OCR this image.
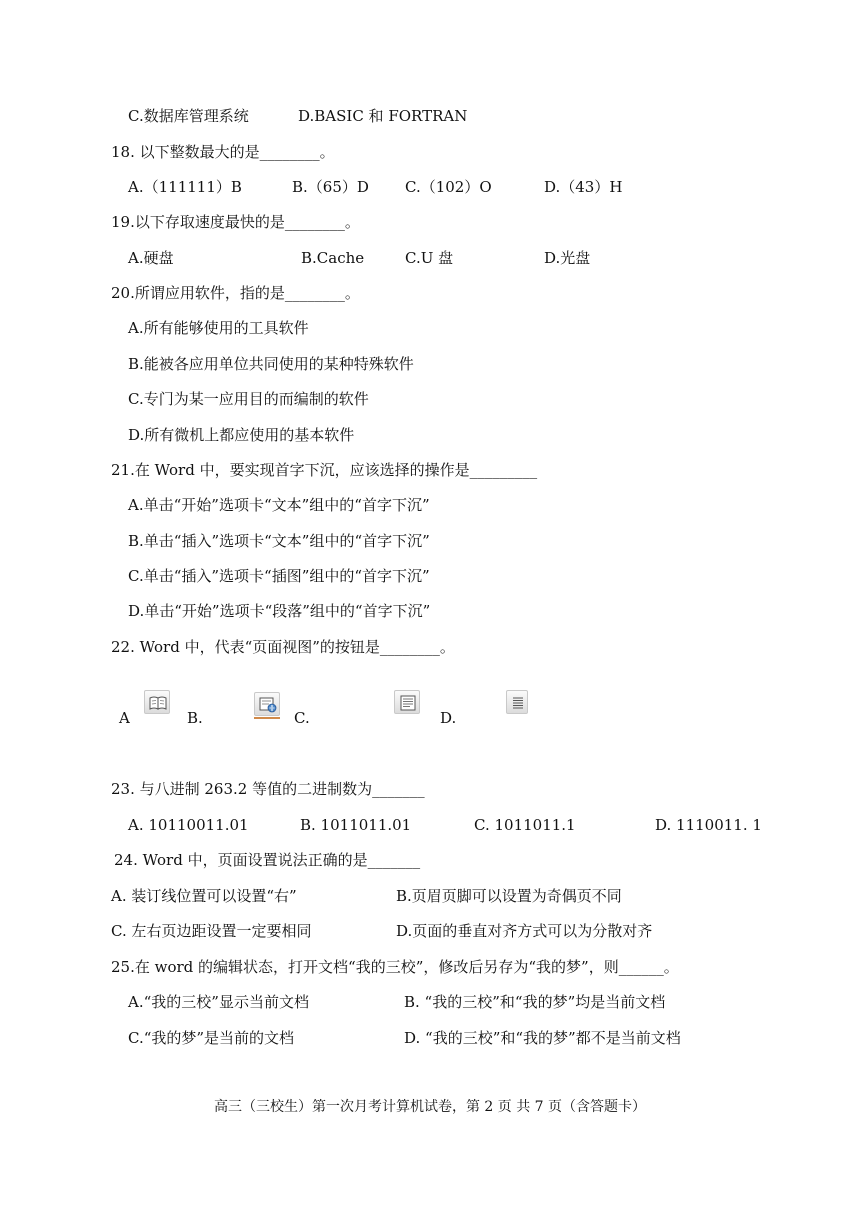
C.数据库管理系统	D.BASIC 和 FORTRAN
18. 以下整数最大的是________。
A.（111111）B	B.（65）D C.（102）O	D.（43）H
19.以下存取速度最快的是________。
A.硬盘	B.Cache	C.U 盘	D.光盘
20.所谓应用软件，指的是________。
A.所有能够使用的工具软件
B.能被各应用单位共同使用的某种特殊软件
C.专门为某一应用目的而编制的软件
D.所有微机上都应使用的基本软件
21.在 Word 中，要实现首字下沉，应该选择的操作是_________
A.单击“开始”选项卡“文本”组中的“首字下沉”
B.单击“插入”选项卡“文本”组中的“首字下沉”
C.单击“插入”选项卡“插图”组中的“首字下沉”
D.单击“开始”选项卡“段落”组中的“首字下沉”
22. Word 中，代表“页面视图”的按钮是________。
A	B.	C.	D.
23. 与八进制 263.2 等值的二进制数为_______
A. 10110011.01	B. 1011011.01	C. 1011011.1	D. 1110011. 1
24. Word 中，页面设置说法正确的是_______
A. 装订线位置可以设置“右”	B.页眉页脚可以设置为奇偶页不同
C. 左右页边距设置一定要相同	D.页面的垂直对齐方式可以为分散对齐
25.在 word 的编辑状态，打开文档“我的三校”，修改后另存为“我的梦”，则______。
A.“我的三校”显示当前文档	B. “我的三校”和“我的梦”均是当前文档
C.“我的梦”是当前的文档	D. “我的三校”和“我的梦”都不是当前文档
高三（三校生）第一次月考计算机试卷，第 2 页 共 7 页（含答题卡）
